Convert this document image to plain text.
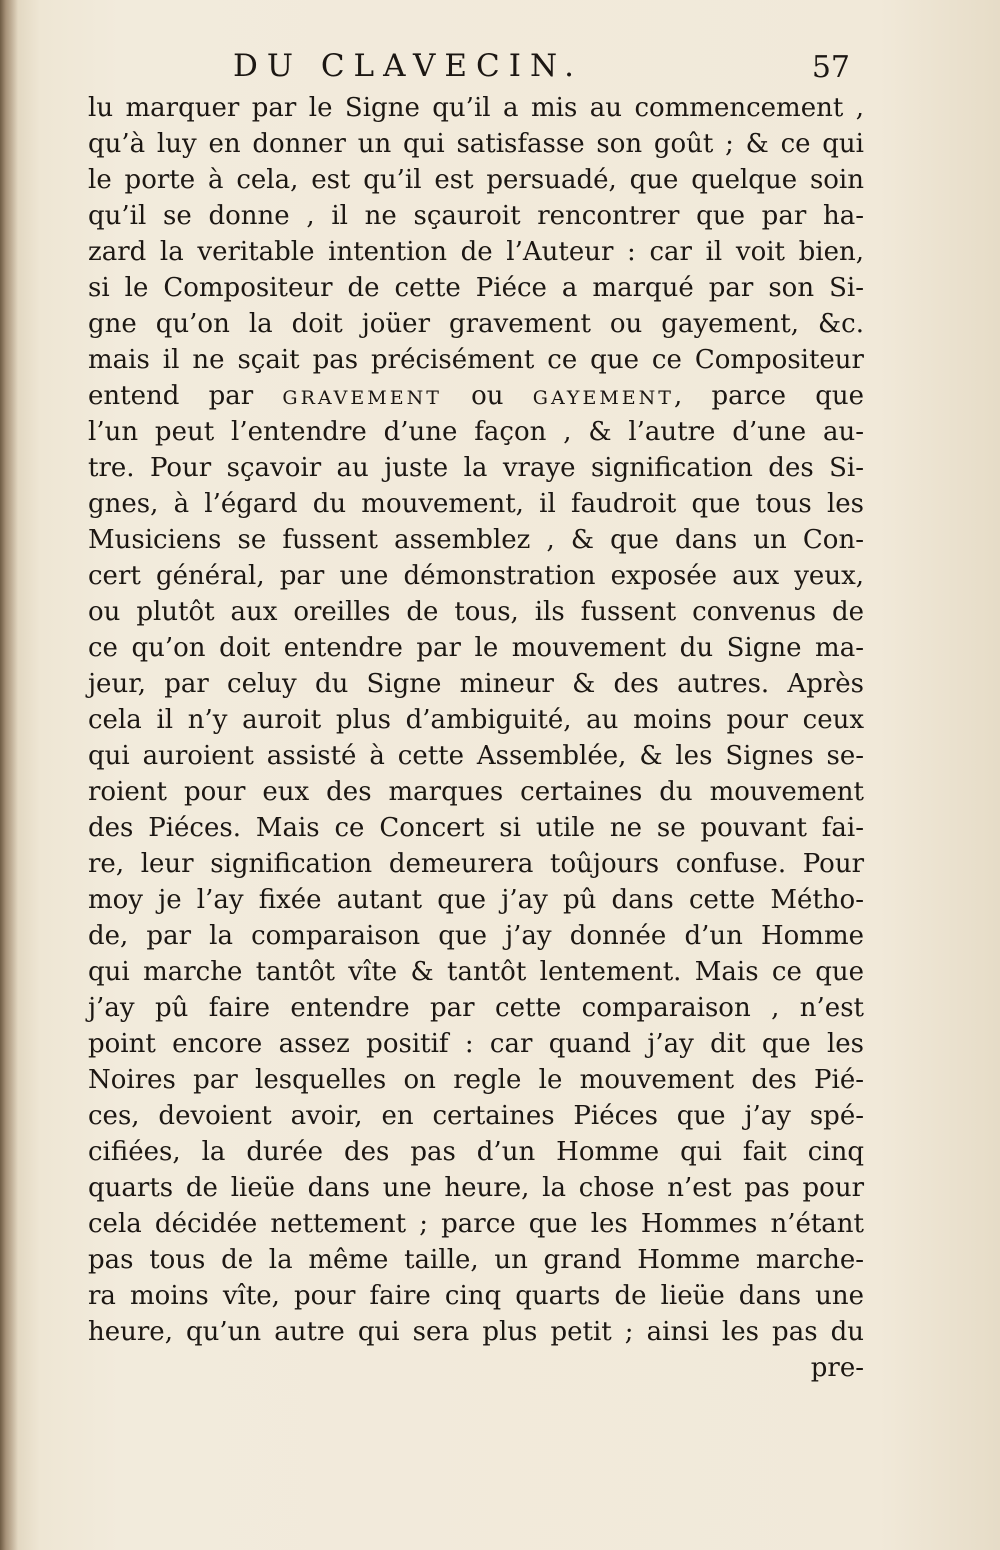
DU CLAVECIN.	57
lu marquer par le Signe qu’il a mis au commencement ,
qu’à luy en donner un qui satisfasse son goût ; & ce qui
le porte à cela, est qu’il est persuadé, que quelque soin
qu’il se donne , il ne sçauroit rencontrer que par ha-
zard la veritable intention de l’Auteur : car il voit bien,
si le Compositeur de cette Piéce a marqué par son Si-
gne qu’on la doit joüer gravement ou gayement, &c.
mais il ne sçait pas précisément ce que ce Compositeur
entend par GRAVEMENT ou GAYEMENT, parce que
l’un peut l’entendre d’une façon , & l’autre d’une au-
tre. Pour sçavoir au juste la vraye signification des Si-
gnes, à l’égard du mouvement, il faudroit que tous les
Musiciens se fussent assemblez , & que dans un Con-
cert général, par une démonstration exposée aux yeux,
ou plutôt aux oreilles de tous, ils fussent convenus de
ce qu’on doit entendre par le mouvement du Signe ma-
jeur, par celuy du Signe mineur & des autres. Après
cela il n’y auroit plus d’ambiguité, au moins pour ceux
qui auroient assisté à cette Assemblée, & les Signes se-
roient pour eux des marques certaines du mouvement
des Piéces. Mais ce Concert si utile ne se pouvant fai-
re, leur signification demeurera toûjours confuse. Pour
moy je l’ay fixée autant que j’ay pû dans cette Métho-
de, par la comparaison que j’ay donnée d’un Homme
qui marche tantôt vîte & tantôt lentement. Mais ce que
j’ay pû faire entendre par cette comparaison , n’est
point encore assez positif : car quand j’ay dit que les
Noires par lesquelles on regle le mouvement des Pié-
ces, devoient avoir, en certaines Piéces que j’ay spé-
cifiées, la durée des pas d’un Homme qui fait cinq
quarts de lieüe dans une heure, la chose n’est pas pour
cela décidée nettement ; parce que les Hommes n’étant
pas tous de la même taille, un grand Homme marche-
ra moins vîte, pour faire cinq quarts de lieüe dans une
heure, qu’un autre qui sera plus petit ; ainsi les pas du
pre-
